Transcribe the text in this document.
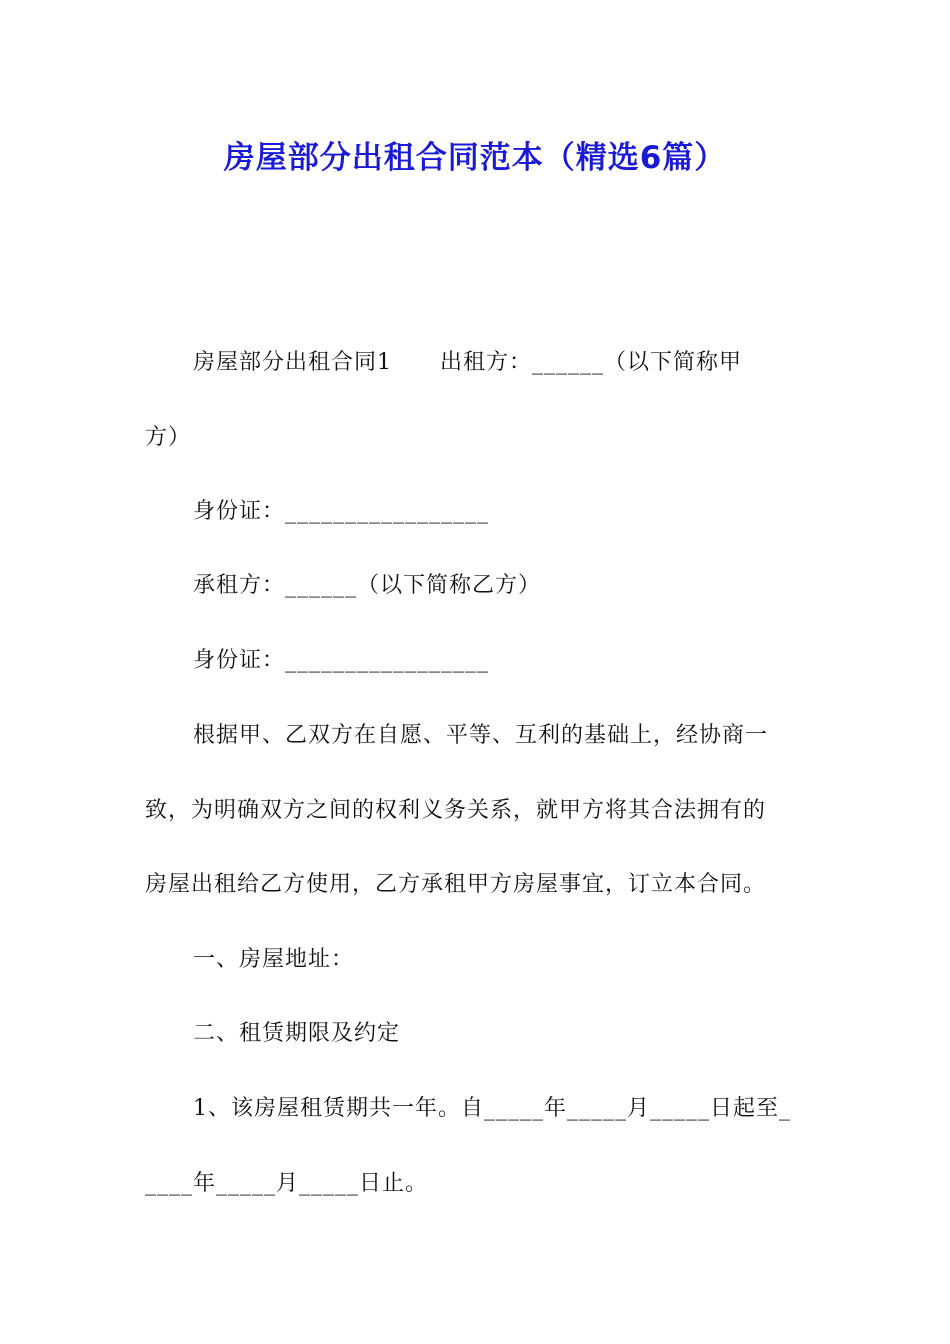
房屋部分出租合同范本（精选6篇）
房屋部分出租合同1 出租方：______（以下简称甲
方）
身份证：_________________
承租方：______（以下简称乙方）
身份证：_________________
根据甲、乙双方在自愿、平等、互利的基础上，经协商一
致，为明确双方之间的权利义务关系，就甲方将其合法拥有的
房屋出租给乙方使用，乙方承租甲方房屋事宜，订立本合同。
一、房屋地址：
二、租赁期限及约定
1、该房屋租赁期共一年。自_____年_____月_____日起至_
____年_____月_____日止。
